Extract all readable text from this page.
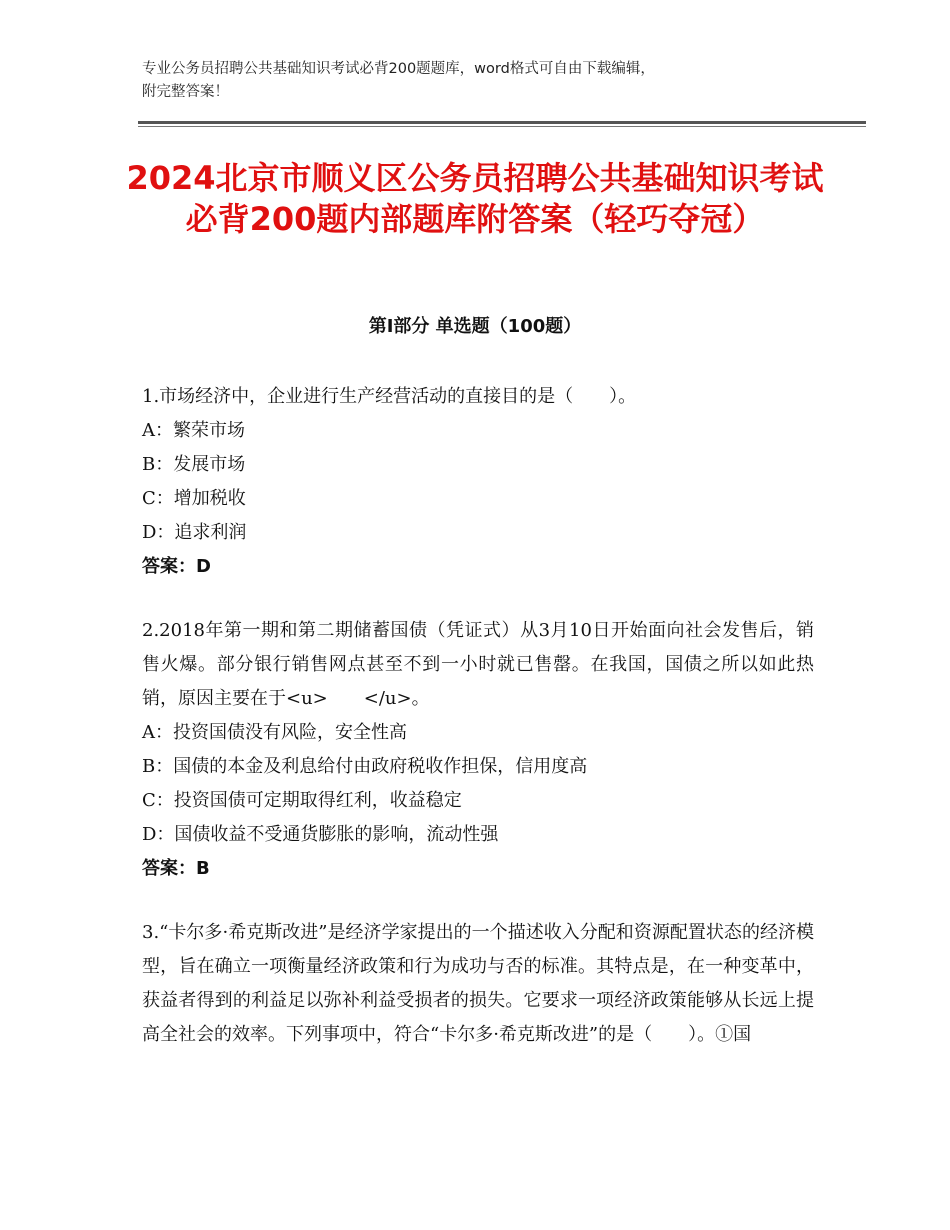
专业公务员招聘公共基础知识考试必背200题题库，word格式可自由下载编辑，
附完整答案！
2024北京市顺义区公务员招聘公共基础知识考试必背200题内部题库附答案（轻巧夺冠）
第Ⅰ部分 单选题（100题）

1.市场经济中，企业进行生产经营活动的直接目的是（　　）。

A：繁荣市场

B：发展市场

C：增加税收

D：追求利润

答案：D

2.2018年第一期和第二期储蓄国债（凭证式）从3月10日开始面向社会发售后，销售火爆。部分银行销售网点甚至不到一小时就已售罄。在我国，国债之所以如此热销，原因主要在于<u>　　</u>。

A：投资国债没有风险，安全性高

B：国债的本金及利息给付由政府税收作担保，信用度高

C：投资国债可定期取得红利，收益稳定

D：国债收益不受通货膨胀的影响，流动性强

答案：B

3.“卡尔多·希克斯改进”是经济学家提出的一个描述收入分配和资源配置状态的经济模型，旨在确立一项衡量经济政策和行为成功与否的标准。其特点是，在一种变革中，获益者得到的利益足以弥补利益受损者的损失。它要求一项经济政策能够从长远上提高全社会的效率。下列事项中，符合“卡尔多·希克斯改进”的是（　　）。①国
